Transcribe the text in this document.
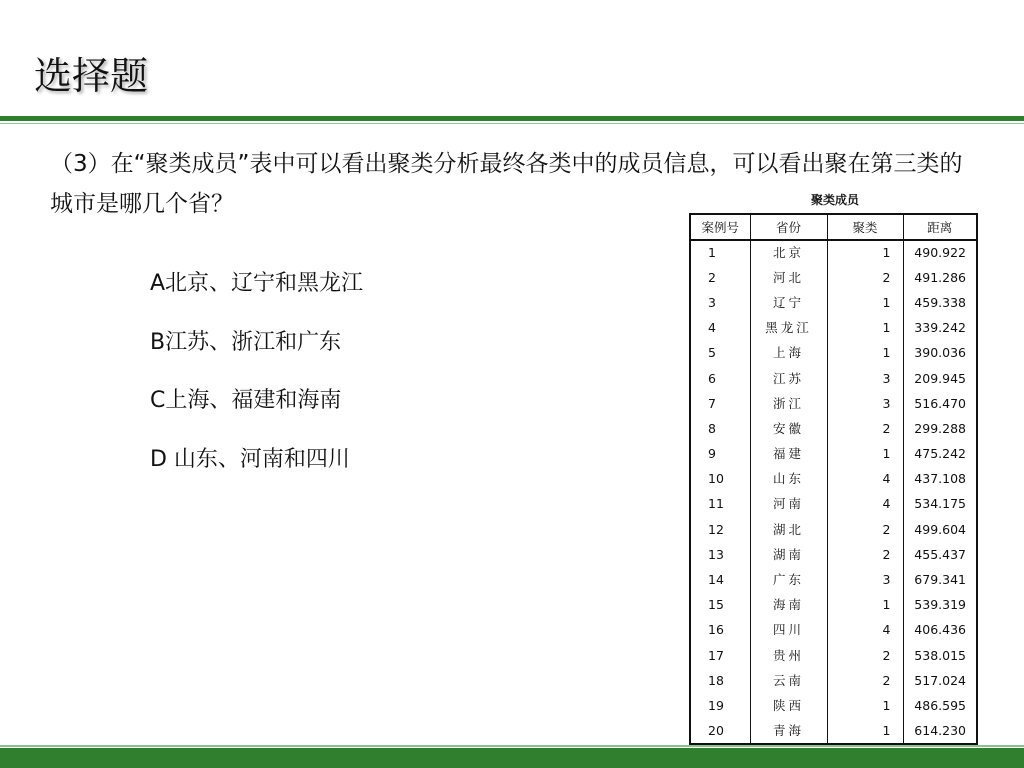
选择题
（3）在“聚类成员”表中可以看出聚类分析最终各类中的成员信息，可以看出聚在第三类的城市是哪几个省？
A北京、辽宁和黑龙江
B江苏、浙江和广东
C上海、福建和海南
D 山东、河南和四川
聚类成员
案例号	省份	聚类	距离
1	北京	1	490.922
2	河北	2	491.286
3	辽宁	1	459.338
4	黑龙江	1	339.242
5	上海	1	390.036
6	江苏	3	209.945
7	浙江	3	516.470
8	安徽	2	299.288
9	福建	1	475.242
10	山东	4	437.108
11	河南	4	534.175
12	湖北	2	499.604
13	湖南	2	455.437
14	广东	3	679.341
15	海南	1	539.319
16	四川	4	406.436
17	贵州	2	538.015
18	云南	2	517.024
19	陕西	1	486.595
20	青海	1	614.230
